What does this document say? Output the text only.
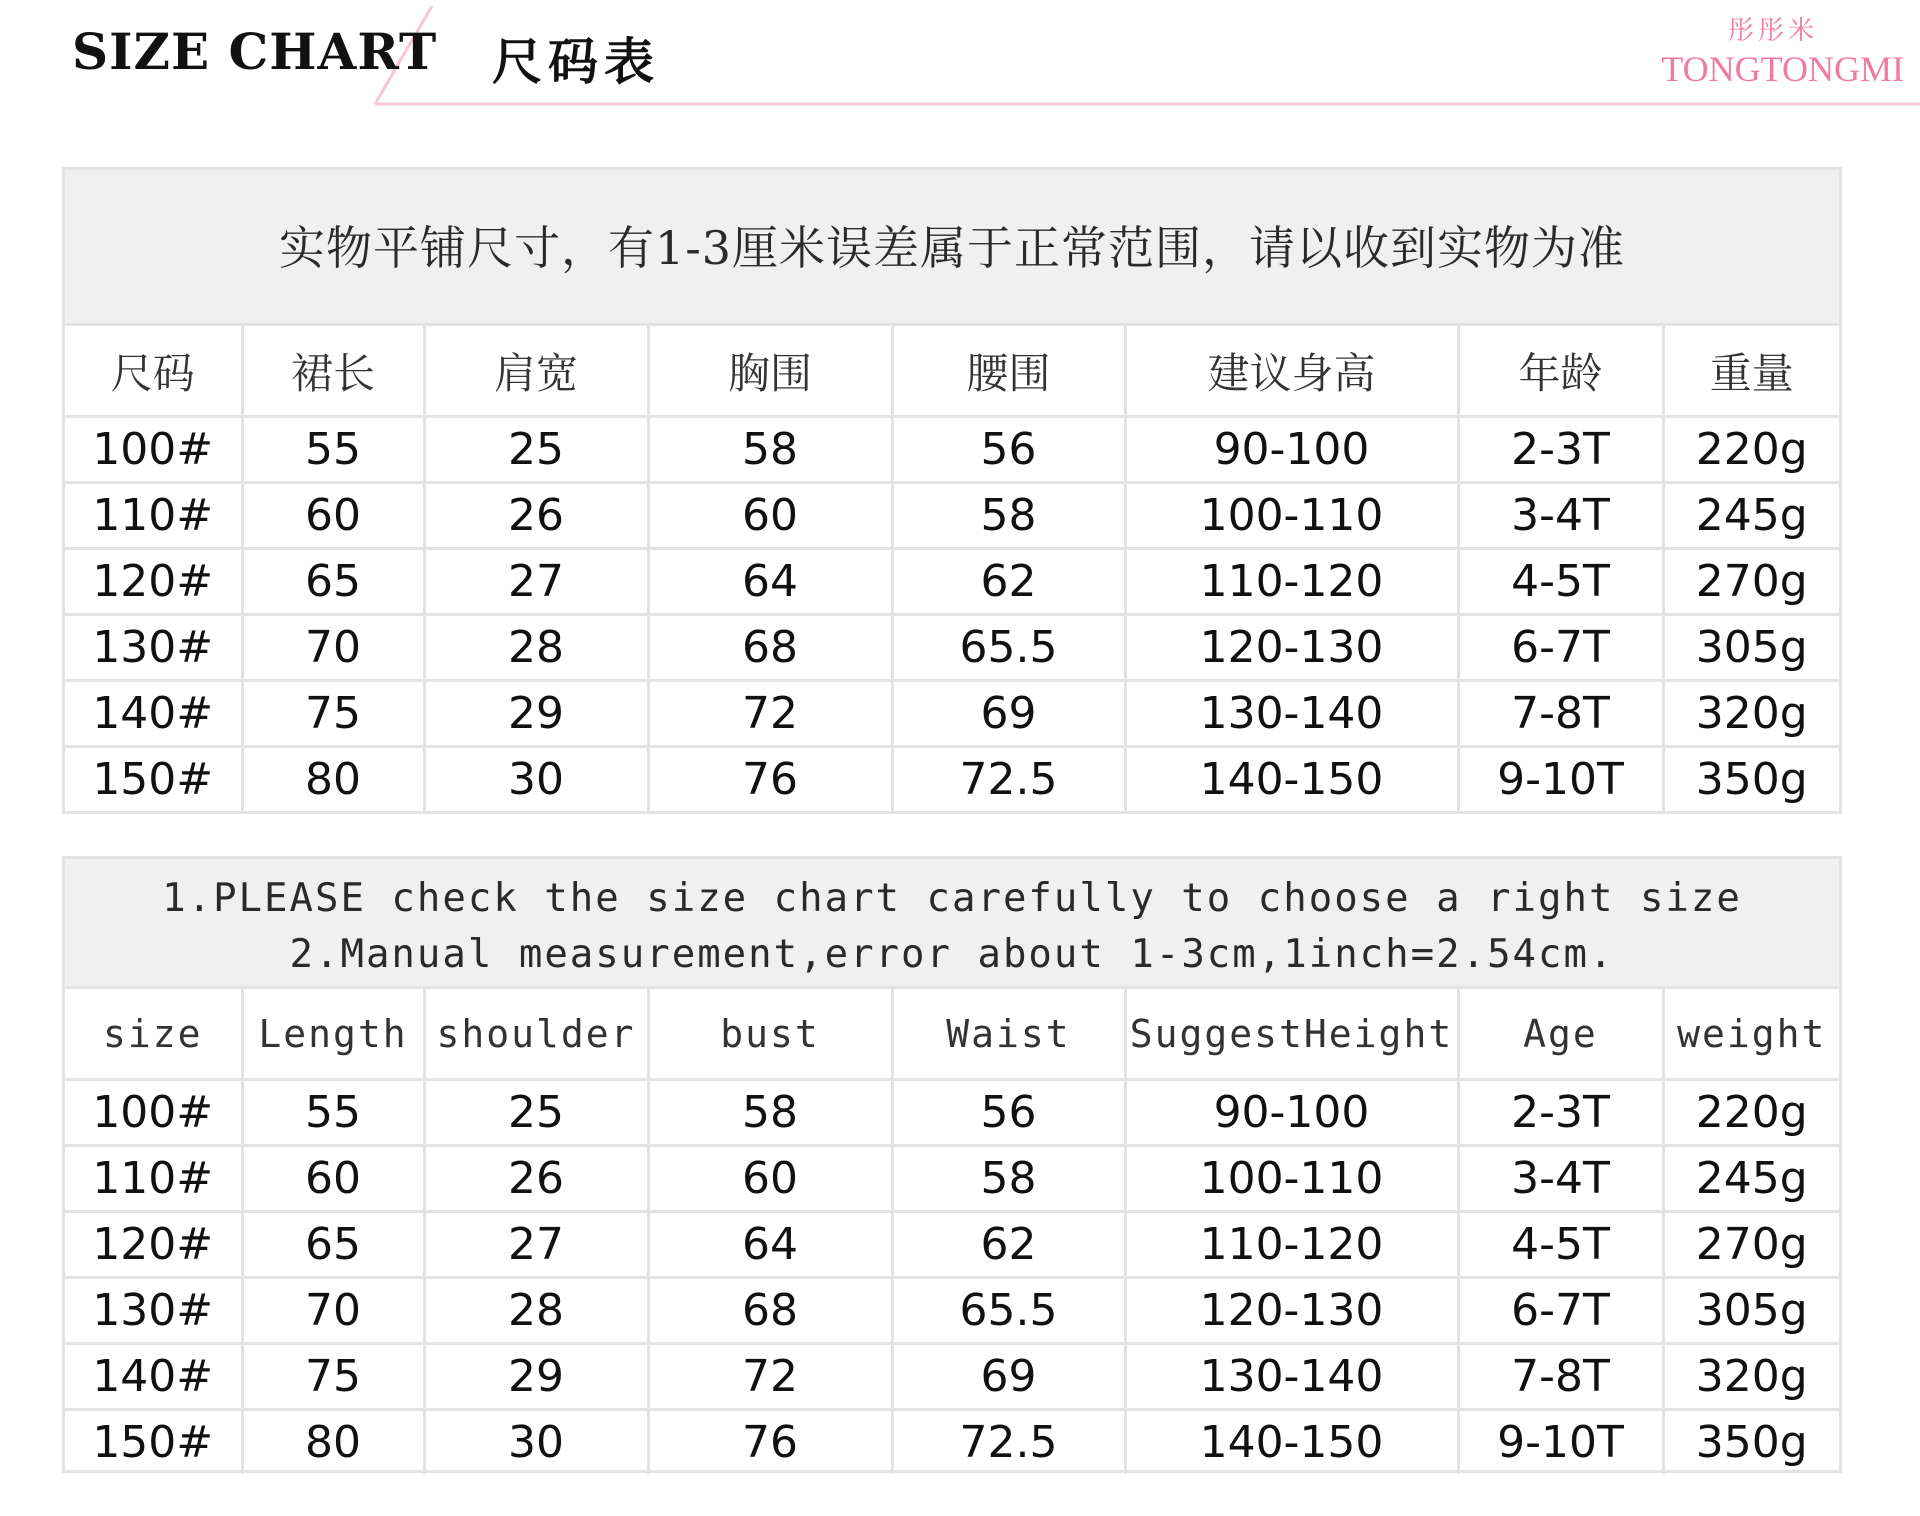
SIZE CHART 尺码表
彤彤米
TONGTONGMI
实物平铺尺寸，有1-3厘米误差属于正常范围，请以收到实物为准
尺码	裙长	肩宽	胸围	腰围	建议身高	年龄	重量
100#	55	25	58	56	90-100	2-3T	220g
110#	60	26	60	58	100-110	3-4T	245g
120#	65	27	64	62	110-120	4-5T	270g
130#	70	28	68	65.5	120-130	6-7T	305g
140#	75	29	72	69	130-140	7-8T	320g
150#	80	30	76	72.5	140-150	9-10T	350g
1.PLEASE check the size chart carefully to choose a right size
2.Manual measurement,error about 1-3cm,1inch=2.54cm.
size	Length	shoulder	bust	Waist	SuggestHeight	Age	weight
100#	55	25	58	56	90-100	2-3T	220g
110#	60	26	60	58	100-110	3-4T	245g
120#	65	27	64	62	110-120	4-5T	270g
130#	70	28	68	65.5	120-130	6-7T	305g
140#	75	29	72	69	130-140	7-8T	320g
150#	80	30	76	72.5	140-150	9-10T	350g
